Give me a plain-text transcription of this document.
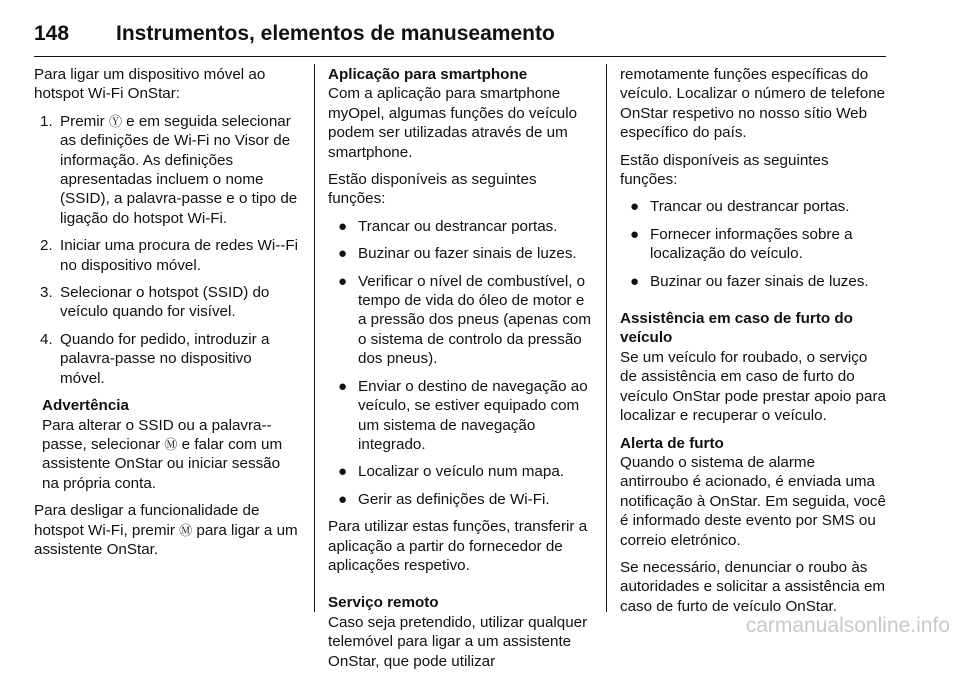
148 Instrumentos, elementos de manuseamento

Para ligar um dispositivo móvel ao hotspot Wi-Fi OnStar:

1. Premir Ⓨ e em seguida selecionar as definições de Wi-Fi no Visor de informação. As definições apresentadas incluem o nome (SSID), a palavra-passe e o tipo de ligação do hotspot Wi-Fi.
2. Iniciar uma procura de redes Wi--Fi no dispositivo móvel.
3. Selecionar o hotspot (SSID) do veículo quando for visível.
4. Quando for pedido, introduzir a palavra-passe no dispositivo móvel.
Advertência
Para alterar o SSID ou a palavra--passe, selecionar Ⓜ e falar com um assistente OnStar ou iniciar sessão na própria conta.

Para desligar a funcionalidade de hotspot Wi-Fi, premir Ⓜ para ligar a um assistente OnStar.

Aplicação para smartphone

Com a aplicação para smartphone myOpel, algumas funções do veículo podem ser utilizadas através de um smartphone.

Estão disponíveis as seguintes funções:

● Trancar ou destrancar portas.
● Buzinar ou fazer sinais de luzes.
● Verificar o nível de combustível, o tempo de vida do óleo de motor e a pressão dos pneus (apenas com o sistema de controlo da pressão dos pneus).
● Enviar o destino de navegação ao veículo, se estiver equipado com um sistema de navegação integrado.
● Localizar o veículo num mapa.
● Gerir as definições de Wi-Fi.

Para utilizar estas funções, transferir a aplicação a partir do fornecedor de aplicações respetivo.

Serviço remoto

Caso seja pretendido, utilizar qualquer telemóvel para ligar a um assistente OnStar, que pode utilizar

remotamente funções específicas do veículo. Localizar o número de telefone OnStar respetivo no nosso sítio Web específico do país.

Estão disponíveis as seguintes funções:

● Trancar ou destrancar portas.
● Fornecer informações sobre a localização do veículo.
● Buzinar ou fazer sinais de luzes.
Assistência em caso de furto do veículo

Se um veículo for roubado, o serviço de assistência em caso de furto do veículo OnStar pode prestar apoio para localizar e recuperar o veículo.

Alerta de furto

Quando o sistema de alarme antirroubo é acionado, é enviada uma notificação à OnStar. Em seguida, você é informado deste evento por SMS ou correio eletrónico.

Se necessário, denunciar o roubo às autoridades e solicitar a assistência em caso de furto de veículo OnStar.

carmanualsonline.info
